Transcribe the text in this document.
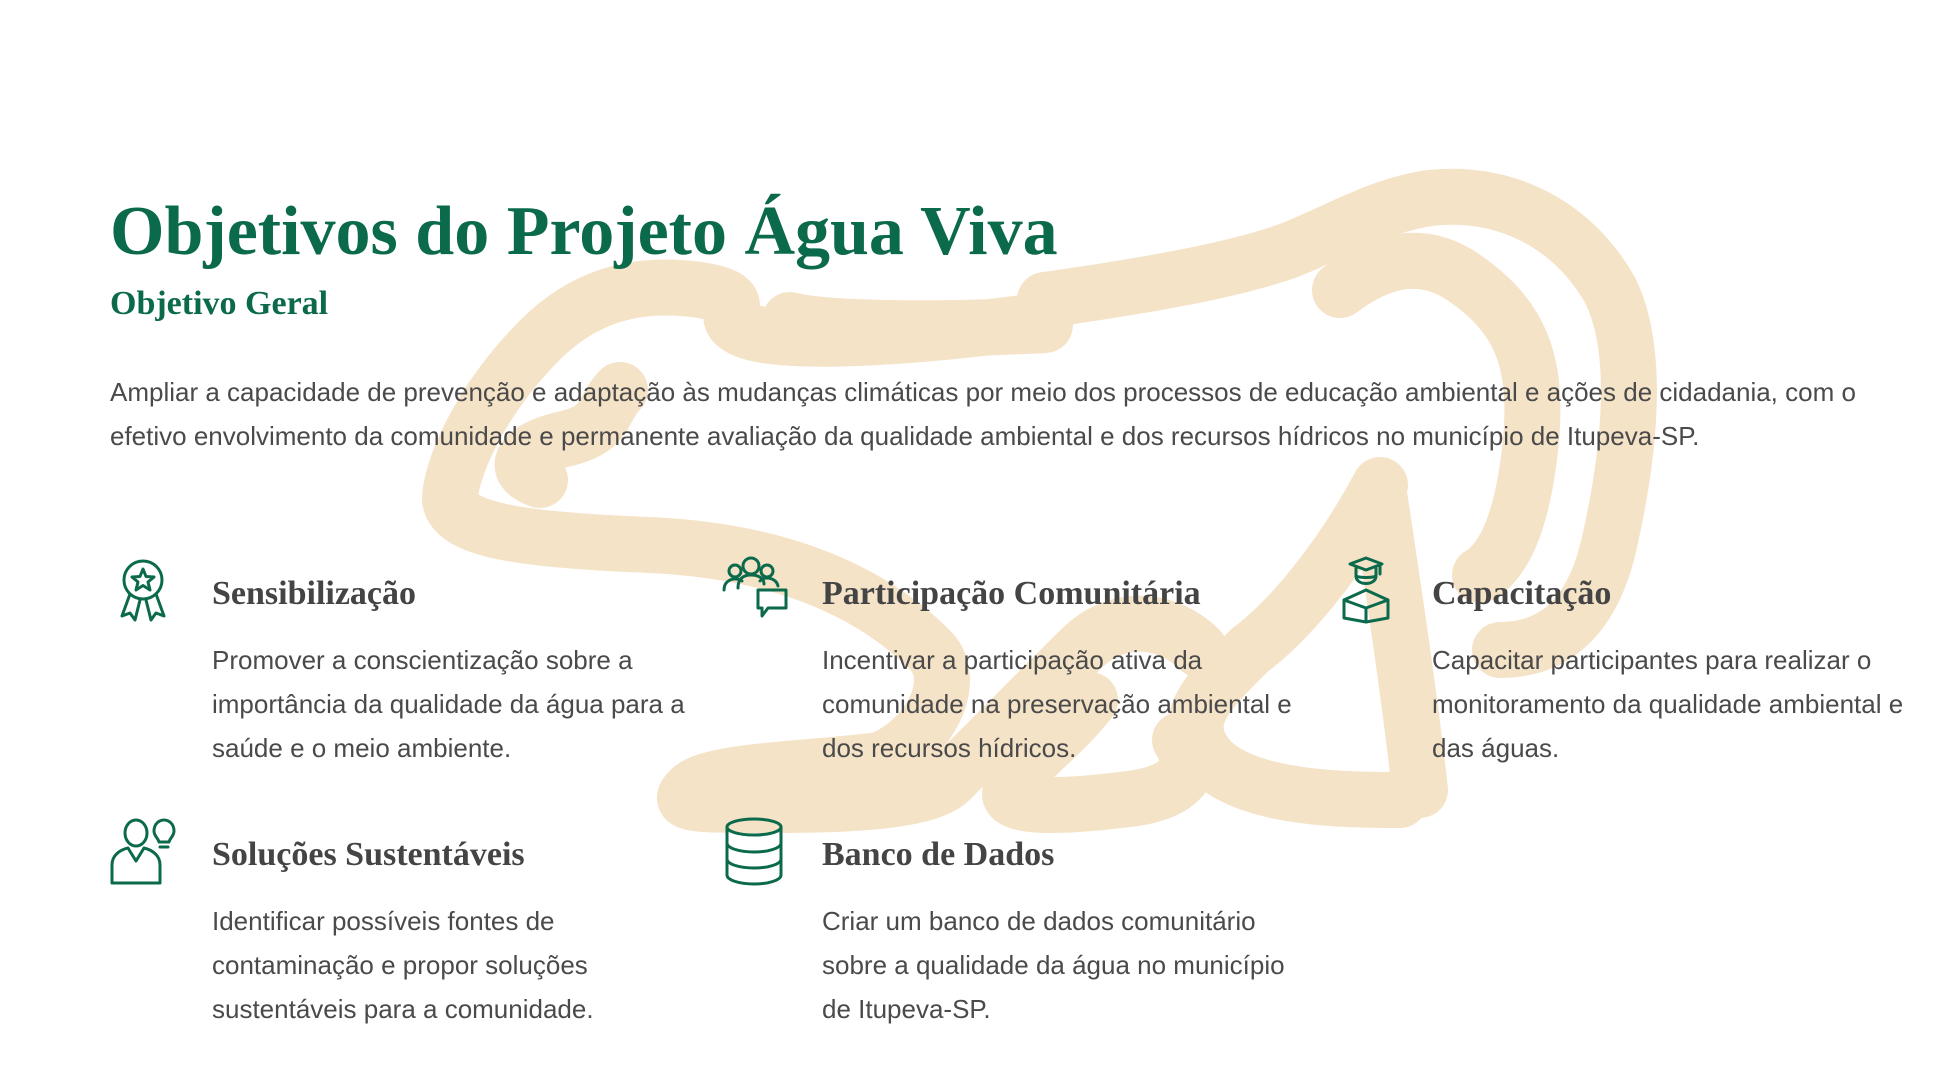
Objetivos do Projeto Água Viva
Objetivo Geral

Ampliar a capacidade de prevenção e adaptação às mudanças climáticas por meio dos processos de educação ambiental e ações de cidadania, com o efetivo envolvimento da comunidade e permanente avaliação da qualidade ambiental e dos recursos hídricos no município de Itupeva-SP.

Sensibilização

Promover a conscientização sobre a importância da qualidade da água para a saúde e o meio ambiente.

Participação Comunitária

Incentivar a participação ativa da comunidade na preservação ambiental e dos recursos hídricos.

Capacitação

Capacitar participantes para realizar o monitoramento da qualidade ambiental e das águas.

Soluções Sustentáveis

Identificar possíveis fontes de contaminação e propor soluções sustentáveis para a comunidade.

Banco de Dados

Criar um banco de dados comunitário sobre a qualidade da água no município de Itupeva-SP.
